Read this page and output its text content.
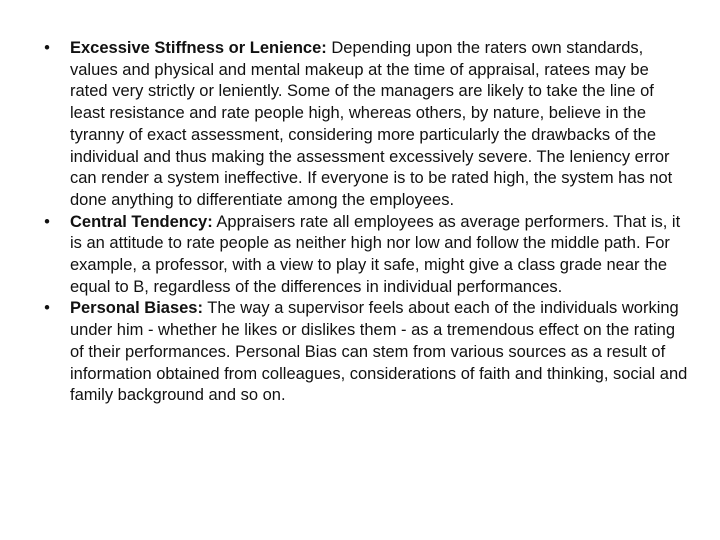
• Excessive Stiffness or Lenience: Depending upon the raters own standards, values and physical and mental makeup at the time of appraisal, ratees may be rated very strictly or leniently. Some of the managers are likely to take the line of least resistance and rate people high, whereas others, by nature, believe in the tyranny of exact assessment, considering more particularly the drawbacks of the individual and thus making the assessment excessively severe. The leniency error can render a system ineffective. If everyone is to be rated high, the system has not done anything to differentiate among the employees.
• Central Tendency: Appraisers rate all employees as average performers. That is, it is an attitude to rate people as neither high nor low and follow the middle path. For example, a professor, with a view to play it safe, might give a class grade near the equal to B, regardless of the differences in individual performances.
• Personal Biases: The way a supervisor feels about each of the individuals working under him - whether he likes or dislikes them - as a tremendous effect on the rating of their performances. Personal Bias can stem from various sources as a result of information obtained from colleagues, considerations of faith and thinking, social and family background and so on.
